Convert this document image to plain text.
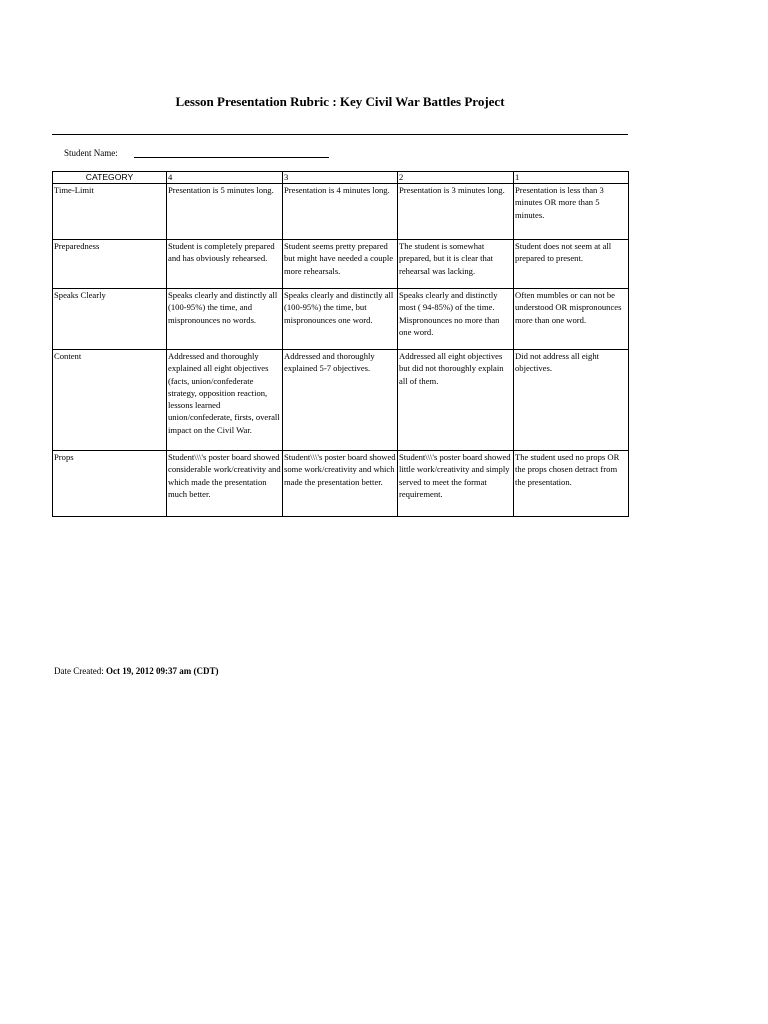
Lesson Presentation Rubric : Key Civil War Battles Project
Student Name:
CATEGORY	4	3	2	1
Time-Limit	Presentation is 5 minutes long.	Presentation is 4 minutes long.	Presentation is 3 minutes long.	Presentation is less than 3 minutes OR more than 5 minutes.
Preparedness	Student is completely prepared and has obviously rehearsed.	Student seems pretty prepared but might have needed a couple more rehearsals.	The student is somewhat prepared, but it is clear that rehearsal was lacking.	Student does not seem at all prepared to present.
Speaks Clearly	Speaks clearly and distinctly all (100-95%) the time, and mispronounces no words.	Speaks clearly and distinctly all (100-95%) the time, but mispronounces one word.	Speaks clearly and distinctly most ( 94-85%) of the time. Mispronounces no more than one word.	Often mumbles or can not be understood OR mispronounces more than one word.
Content	Addressed and thoroughly explained all eight objectives (facts, union/confederate strategy, opposition reaction, lessons learned union/confederate, firsts, overall impact on the Civil War.	Addressed and thoroughly explained 5-7 objectives.	Addressed all eight objectives but did not thoroughly explain all of them.	Did not address all eight objectives.
Props	Student\\\'s poster board showed considerable work/creativity and which made the presentation much better.	Student\\\'s poster board showed some work/creativity and which made the presentation better.	Student\\\'s poster board showed little work/creativity and simply served to meet the format requirement.	The student used no props OR the props chosen detract from the presentation.
Date Created: Oct 19, 2012 09:37 am (CDT)
